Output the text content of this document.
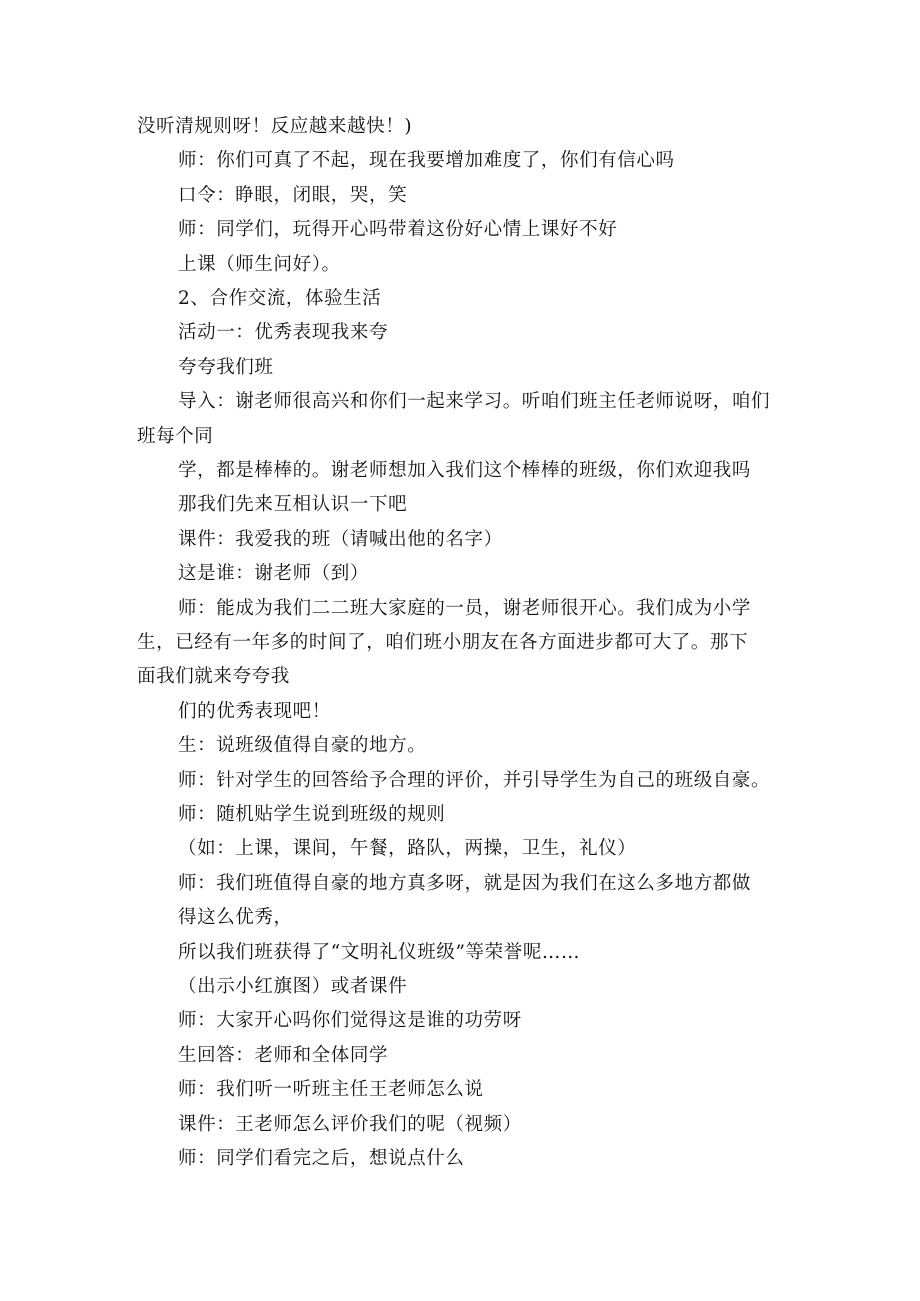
没听清规则呀！反应越来越快！)
师：你们可真了不起，现在我要增加难度了，你们有信心吗
口令：睁眼，闭眼，哭，笑
师：同学们，玩得开心吗带着这份好心情上课好不好
上课（师生问好）。
2、合作交流，体验生活
活动一：优秀表现我来夸
夸夸我们班
导入：谢老师很高兴和你们一起来学习。听咱们班主任老师说呀，咱们
班每个同
学，都是棒棒的。谢老师想加入我们这个棒棒的班级，你们欢迎我吗
那我们先来互相认识一下吧
课件：我爱我的班（请喊出他的名字）
这是谁：谢老师（到）
师：能成为我们二二班大家庭的一员，谢老师很开心。我们成为小学
生，已经有一年多的时间了，咱们班小朋友在各方面进步都可大了。那下
面我们就来夸夸我
们的优秀表现吧！
生：说班级值得自豪的地方。
师：针对学生的回答给予合理的评价，并引导学生为自己的班级自豪。
师：随机贴学生说到班级的规则
（如：上课，课间，午餐，路队，两操，卫生，礼仪）
师：我们班值得自豪的地方真多呀，就是因为我们在这么多地方都做
得这么优秀，
所以我们班获得了“文明礼仪班级”等荣誉呢……
（出示小红旗图）或者课件
师：大家开心吗你们觉得这是谁的功劳呀
生回答：老师和全体同学
师：我们听一听班主任王老师怎么说
课件：王老师怎么评价我们的呢（视频）
师：同学们看完之后，想说点什么
